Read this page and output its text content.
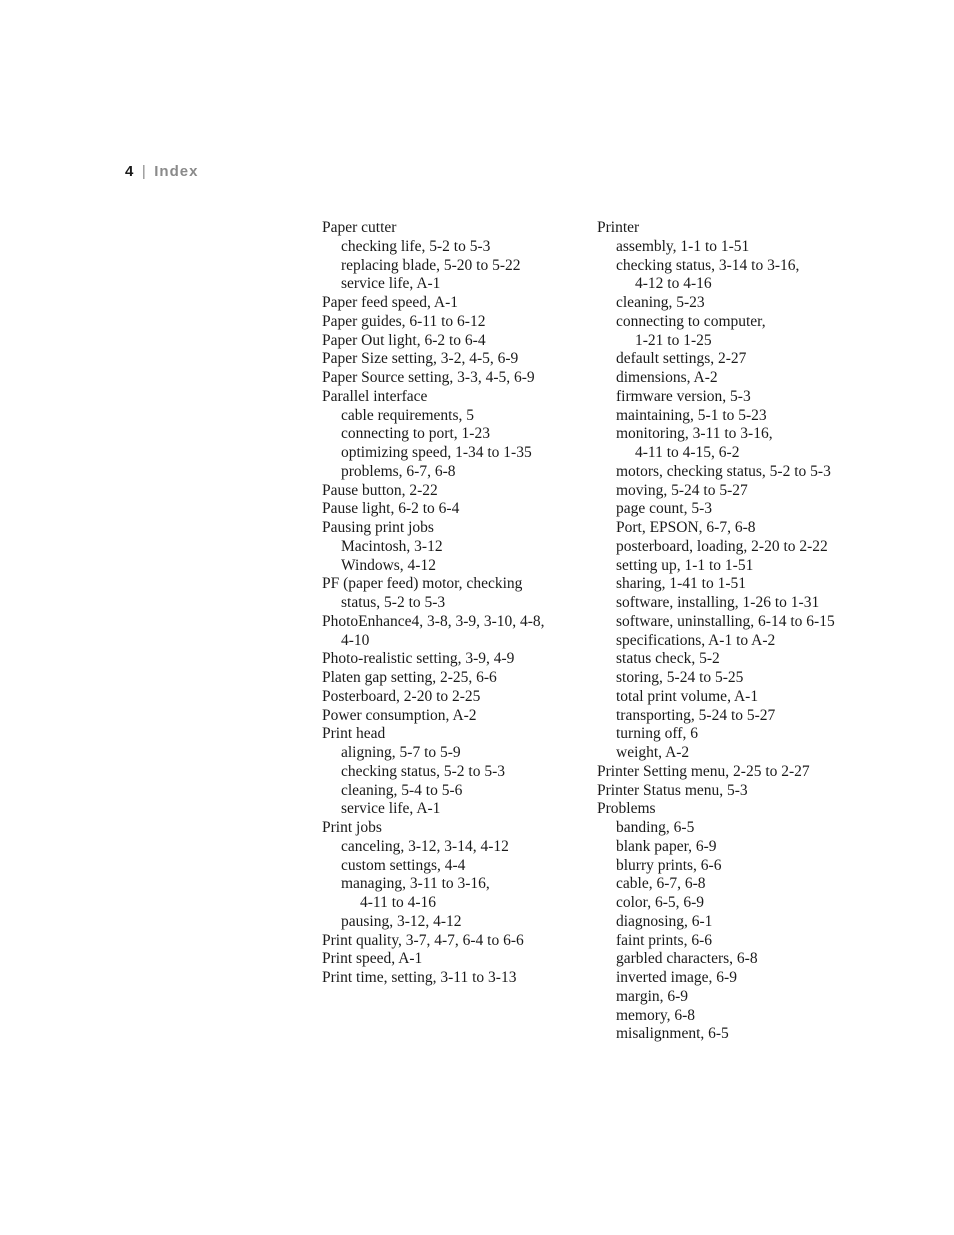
4 | Index
Paper cutter
checking life, 5-2 to 5-3
replacing blade, 5-20 to 5-22
service life, A-1
Paper feed speed, A-1
Paper guides, 6-11 to 6-12
Paper Out light, 6-2 to 6-4
Paper Size setting, 3-2, 4-5, 6-9
Paper Source setting, 3-3, 4-5, 6-9
Parallel interface
cable requirements, 5
connecting to port, 1-23
optimizing speed, 1-34 to 1-35
problems, 6-7, 6-8
Pause button, 2-22
Pause light, 6-2 to 6-4
Pausing print jobs
Macintosh, 3-12
Windows, 4-12
PF (paper feed) motor, checking
status, 5-2 to 5-3
PhotoEnhance4, 3-8, 3-9, 3-10, 4-8,
4-10
Photo-realistic setting, 3-9, 4-9
Platen gap setting, 2-25, 6-6
Posterboard, 2-20 to 2-25
Power consumption, A-2
Print head
aligning, 5-7 to 5-9
checking status, 5-2 to 5-3
cleaning, 5-4 to 5-6
service life, A-1
Print jobs
canceling, 3-12, 3-14, 4-12
custom settings, 4-4
managing, 3-11 to 3-16,
4-11 to 4-16
pausing, 3-12, 4-12
Print quality, 3-7, 4-7, 6-4 to 6-6
Print speed, A-1
Print time, setting, 3-11 to 3-13
Printer
assembly, 1-1 to 1-51
checking status, 3-14 to 3-16,
4-12 to 4-16
cleaning, 5-23
connecting to computer,
1-21 to 1-25
default settings, 2-27
dimensions, A-2
firmware version, 5-3
maintaining, 5-1 to 5-23
monitoring, 3-11 to 3-16,
4-11 to 4-15, 6-2
motors, checking status, 5-2 to 5-3
moving, 5-24 to 5-27
page count, 5-3
Port, EPSON, 6-7, 6-8
posterboard, loading, 2-20 to 2-22
setting up, 1-1 to 1-51
sharing, 1-41 to 1-51
software, installing, 1-26 to 1-31
software, uninstalling, 6-14 to 6-15
specifications, A-1 to A-2
status check, 5-2
storing, 5-24 to 5-25
total print volume, A-1
transporting, 5-24 to 5-27
turning off, 6
weight, A-2
Printer Setting menu, 2-25 to 2-27
Printer Status menu, 5-3
Problems
banding, 6-5
blank paper, 6-9
blurry prints, 6-6
cable, 6-7, 6-8
color, 6-5, 6-9
diagnosing, 6-1
faint prints, 6-6
garbled characters, 6-8
inverted image, 6-9
margin, 6-9
memory, 6-8
misalignment, 6-5
